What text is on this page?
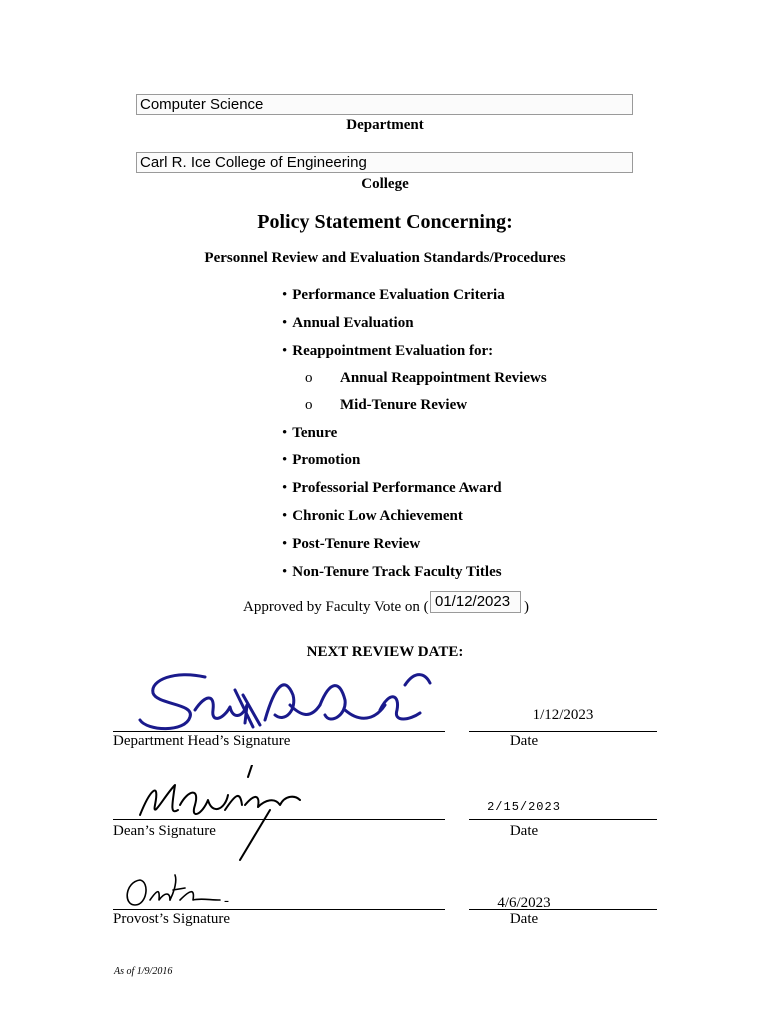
Computer Science
Department
Carl R. Ice College of Engineering
College
Policy Statement Concerning:
Personnel Review and Evaluation Standards/Procedures
• Performance Evaluation Criteria
• Annual Evaluation
• Reappointment Evaluation for:
o Annual Reappointment Reviews
o Mid-Tenure Review
• Tenure
• Promotion
• Professorial Performance Award
• Chronic Low Achievement
• Post-Tenure Review
• Non-Tenure Track Faculty Titles
Approved by Faculty Vote on ( 01/12/2023 )
NEXT REVIEW DATE:
1/12/2023
Department Head’s Signature	Date
2/15/2023
Dean’s Signature	Date
4/6/2023
Provost’s Signature	Date
-
As of 1/9/2016
